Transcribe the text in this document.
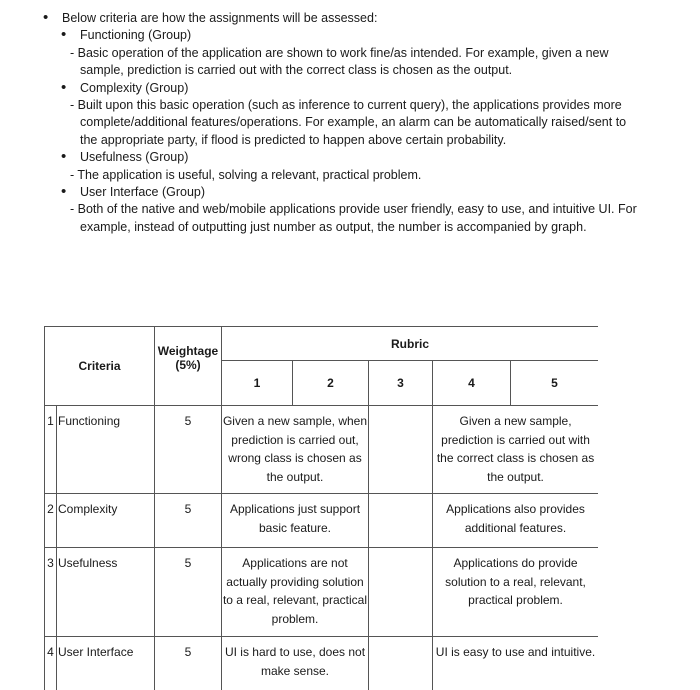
• Below criteria are how the assignments will be assessed:
• Functioning (Group)
- Basic operation of the application are shown to work fine/as intended. For example, given a new sample, prediction is carried out with the correct class is chosen as the output.
• Complexity (Group)
- Built upon this basic operation (such as inference to current query), the applications provides more complete/additional features/operations. For example, an alarm can be automatically raised/sent to the appropriate party, if flood is predicted to happen above certain probability.
• Usefulness (Group)
- The application is useful, solving a relevant, practical problem.
• User Interface (Group)
- Both of the native and web/mobile applications provide user friendly, easy to use, and intuitive UI. For example, instead of outputting just number as output, the number is accompanied by graph.
Criteria		Weightage
(5%)	Rubric				
			1	2	3	4	5
1	Functioning	5	Given a new sample, when prediction is carried out, wrong class is chosen as the output.			Given a new sample, prediction is carried out with the correct class is chosen as the output.	
2	Complexity	5	Applications just support basic feature.			Applications also provides additional features.	
3	Usefulness	5	Applications are not actually providing solution to a real, relevant, practical problem.			Applications do provide solution to a real, relevant, practical problem.	
4	User Interface	5	UI is hard to use, does not make sense.			UI is easy to use and intuitive.	
